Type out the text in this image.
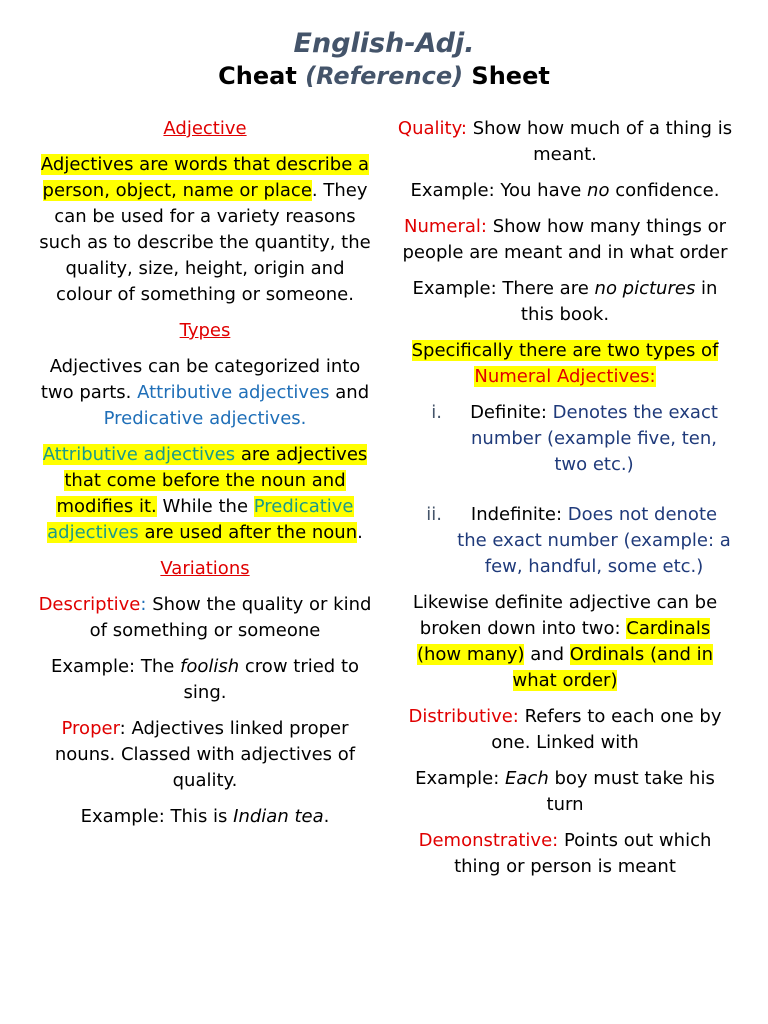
English-Adj.
Cheat (Reference) Sheet

Adjective

Adjectives are words that describe a person, object, name or place. They can be used for a variety reasons such as to describe the quantity, the quality, size, height, origin and colour of something or someone.

Types

Adjectives can be categorized into two parts. Attributive adjectives and Predicative adjectives.

Attributive adjectives are adjectives that come before the noun and modifies it. While the Predicative adjectives are used after the noun.

Variations

Descriptive: Show the quality or kind of something or someone

Example: The foolish crow tried to sing.

Proper: Adjectives linked proper nouns. Classed with adjectives of quality.

Example: This is Indian tea.

Quality: Show how much of a thing is meant.

Example: You have no confidence.

Numeral: Show how many things or people are meant and in what order

Example: There are no pictures in this book.

Specifically there are two types of Numeral Adjectives:

i.	Definite: Denotes the exact number (example five, ten, two etc.)
ii.	Indefinite: Does not denote the exact number (example: a few, handful, some etc.)

Likewise definite adjective can be broken down into two: Cardinals (how many) and Ordinals (and in what order)

Distributive: Refers to each one by one. Linked with

Example: Each boy must take his turn

Demonstrative: Points out which thing or person is meant
